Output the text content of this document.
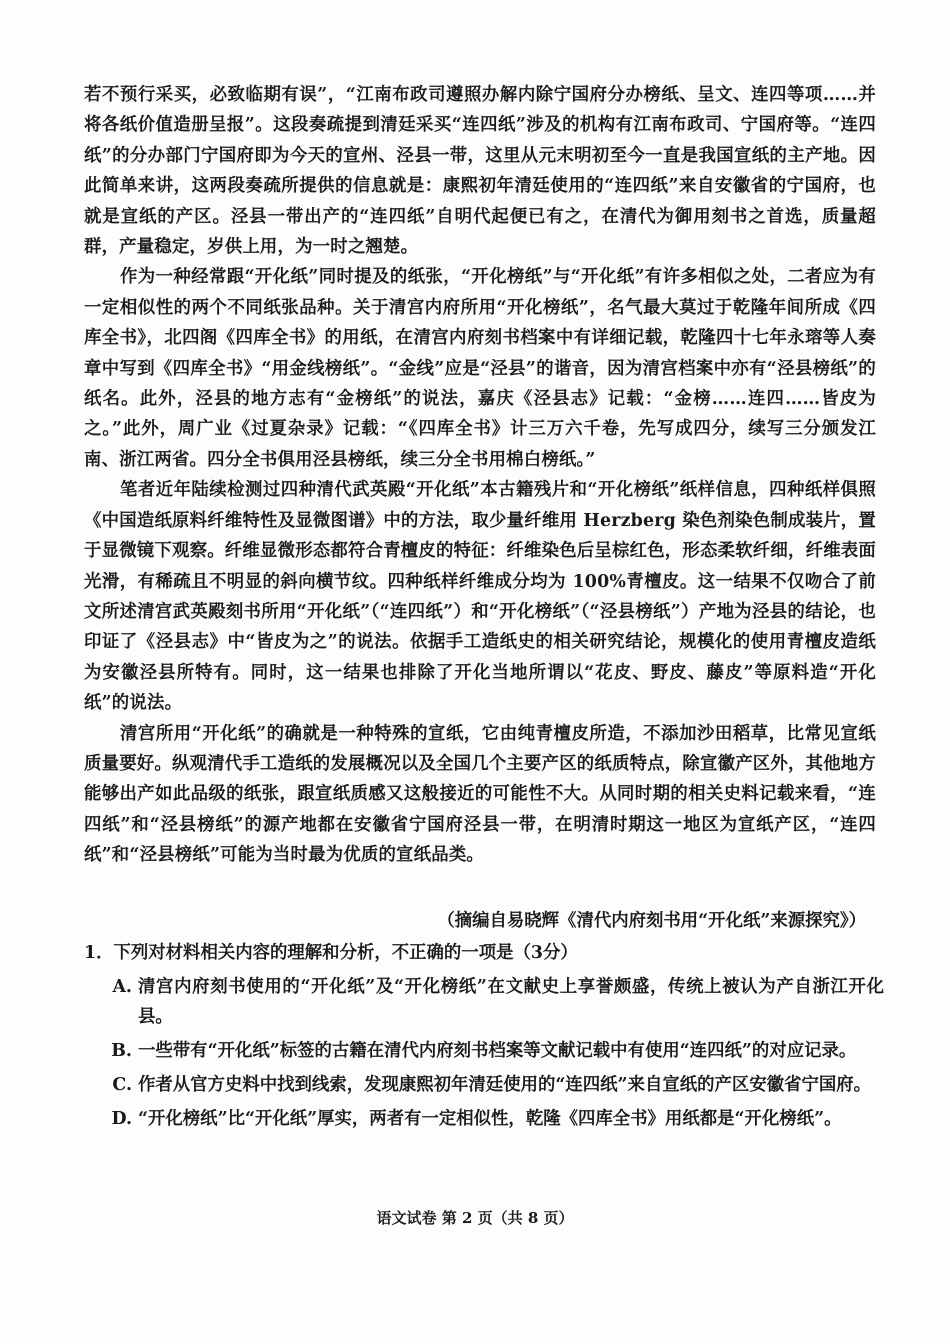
若不预行采买，必致临期有误”，“江南布政司遵照办解内除宁国府分办榜纸、呈文、连四等项……并将各纸价值造册呈报”。这段奏疏提到清廷采买“连四纸”涉及的机构有江南布政司、宁国府等。“连四纸”的分办部门宁国府即为今天的宣州、泾县一带，这里从元末明初至今一直是我国宣纸的主产地。因此简单来讲，这两段奏疏所提供的信息就是：康熙初年清廷使用的“连四纸”来自安徽省的宁国府，也就是宣纸的产区。泾县一带出产的“连四纸”自明代起便已有之，在清代为御用刻书之首选，质量超群，产量稳定，岁供上用，为一时之翘楚。

作为一种经常跟“开化纸”同时提及的纸张，“开化榜纸”与“开化纸”有许多相似之处，二者应为有一定相似性的两个不同纸张品种。关于清宫内府所用“开化榜纸”，名气最大莫过于乾隆年间所成《四库全书》，北四阁《四库全书》的用纸，在清宫内府刻书档案中有详细记载，乾隆四十七年永瑢等人奏章中写到《四库全书》“用金线榜纸”。“金线”应是“泾县”的谐音，因为清宫档案中亦有“泾县榜纸”的纸名。此外，泾县的地方志有“金榜纸”的说法，嘉庆《泾县志》记载：“金榜……连四……皆皮为之。”此外，周广业《过夏杂录》记载：“《四库全书》计三万六千卷，先写成四分，续写三分颁发江南、浙江两省。四分全书俱用泾县榜纸，续三分全书用棉白榜纸。”

笔者近年陆续检测过四种清代武英殿“开化纸”本古籍残片和“开化榜纸”纸样信息，四种纸样俱照《中国造纸原料纤维特性及显微图谱》中的方法，取少量纤维用 Herzberg 染色剂染色制成装片，置于显微镜下观察。纤维显微形态都符合青檀皮的特征：纤维染色后呈棕红色，形态柔软纤细，纤维表面光滑，有稀疏且不明显的斜向横节纹。四种纸样纤维成分均为 100%青檀皮。这一结果不仅吻合了前文所述清宫武英殿刻书所用“开化纸”（“连四纸”）和“开化榜纸”（“泾县榜纸”）产地为泾县的结论，也印证了《泾县志》中“皆皮为之”的说法。依据手工造纸史的相关研究结论，规模化的使用青檀皮造纸为安徽泾县所特有。同时，这一结果也排除了开化当地所谓以“花皮、野皮、藤皮”等原料造“开化纸”的说法。

清宫所用“开化纸”的确就是一种特殊的宣纸，它由纯青檀皮所造，不添加沙田稻草，比常见宣纸质量要好。纵观清代手工造纸的发展概况以及全国几个主要产区的纸质特点，除宣徽产区外，其他地方能够出产如此品级的纸张，跟宣纸质感又这般接近的可能性不大。从同时期的相关史料记载来看，“连四纸”和“泾县榜纸”的源产地都在安徽省宁国府泾县一带，在明清时期这一地区为宣纸产区，“连四纸”和“泾县榜纸”可能为当时最为优质的宣纸品类。

（摘编自易晓辉《清代内府刻书用“开化纸”来源探究》）

1．下列对材料相关内容的理解和分析，不正确的一项是（3分）

A. 清宫内府刻书使用的“开化纸”及“开化榜纸”在文献史上享誉颇盛，传统上被认为产自浙江开化县。
B. 一些带有“开化纸”标签的古籍在清代内府刻书档案等文献记载中有使用“连四纸”的对应记录。
C. 作者从官方史料中找到线索，发现康熙初年清廷使用的“连四纸”来自宣纸的产区安徽省宁国府。
D. “开化榜纸”比“开化纸”厚实，两者有一定相似性，乾隆《四库全书》用纸都是“开化榜纸”。
语文试卷 第 2 页（共 8 页）
